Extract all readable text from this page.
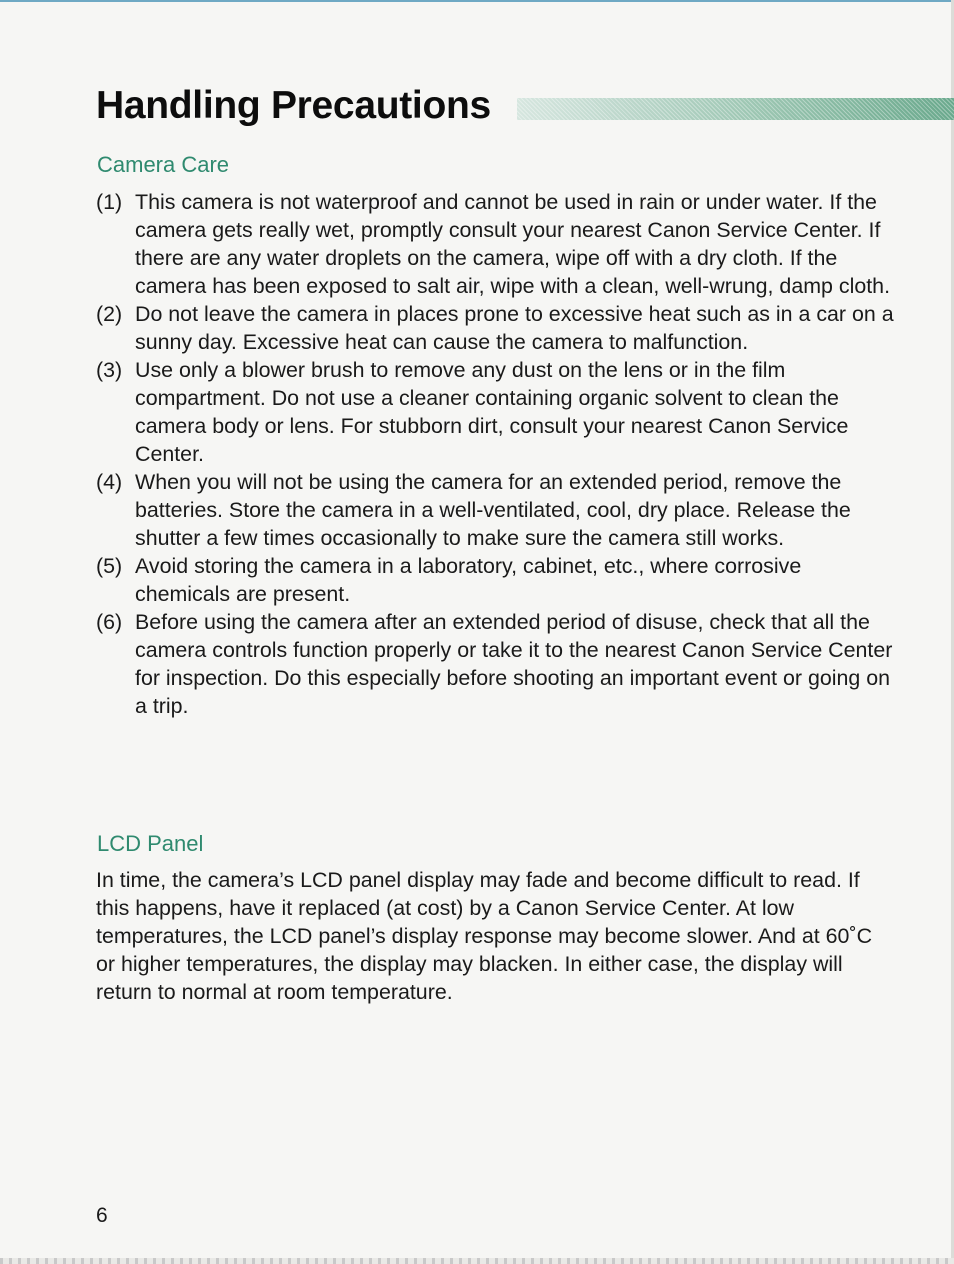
Handling Precautions
Camera Care
(1) This camera is not waterproof and cannot be used in rain or under water. If the camera gets really wet, promptly consult your nearest Canon Service Center. If there are any water droplets on the camera, wipe off with a dry cloth. If the camera has been exposed to salt air, wipe with a clean, well-wrung, damp cloth.
(2) Do not leave the camera in places prone to excessive heat such as in a car on a sunny day. Excessive heat can cause the camera to malfunction.
(3) Use only a blower brush to remove any dust on the lens or in the film compartment. Do not use a cleaner containing organic solvent to clean the camera body or lens. For stubborn dirt, consult your nearest Canon Service Center.
(4) When you will not be using the camera for an extended period, remove the batteries. Store the camera in a well-ventilated, cool, dry place. Release the shutter a few times occasionally to make sure the camera still works.
(5) Avoid storing the camera in a laboratory, cabinet, etc., where corrosive chemicals are present.
(6) Before using the camera after an extended period of disuse, check that all the camera controls function properly or take it to the nearest Canon Service Center for inspection. Do this especially before shooting an important event or going on a trip.
LCD Panel

In time, the camera’s LCD panel display may fade and become difficult to read. If this happens, have it replaced (at cost) by a Canon Service Center. At low temperatures, the LCD panel’s display response may become slower. And at 60˚C or higher temperatures, the display may blacken. In either case, the display will return to normal at room temperature.

6
